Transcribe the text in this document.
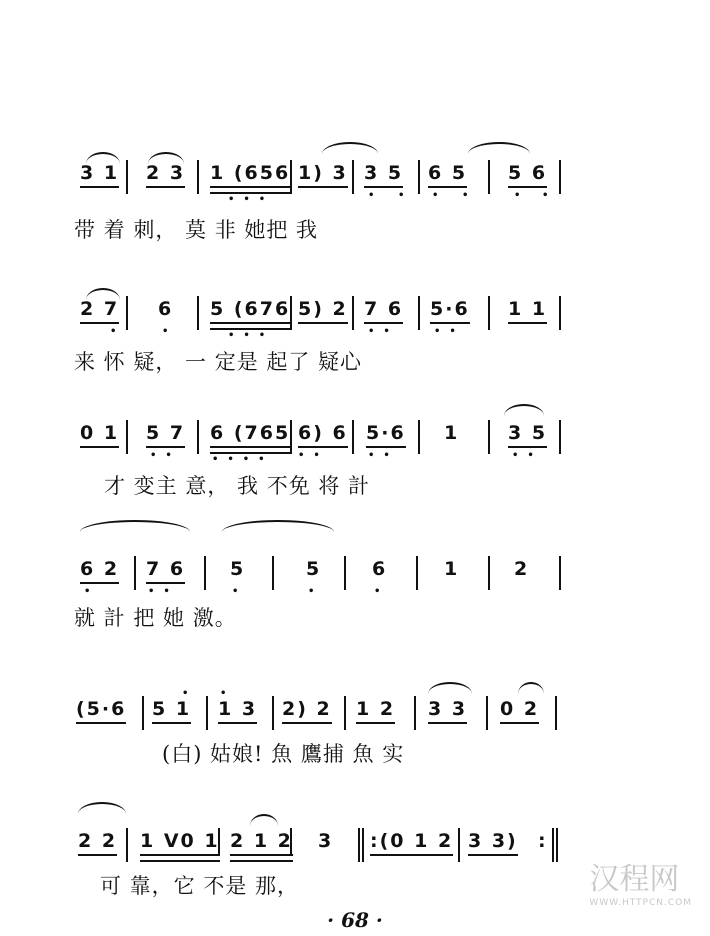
3 1 2 3 1 (656 1) 3 3 5 6 5 5 6
•••	• • • •	• •
带 着 刺， 莫 非 她把 我
2 7 6 5 (676 5) 2 7 6 5·6 1 1
•	•	•••	••	••
来 怀 疑， 一 定是 起了 疑心
0 1 5 7 6 (765 6) 6 5·6 1	3 5
••	•••• ••	••	••
才 变主 意， 我 不免 将 計
6 2 7 6 5	5	6	1	2
•	••	•	•	•
就 計 把 她 激。
(5·6 5 1 1 3 2) 2 1 2 3 3 0 2
•
•
(白) 姑娘! 魚 鷹捕 魚 实
2 2 1 ᐯ0 1 2 1 2 3 :(0 1 2 3 3) :
可 靠，它 不是 那，
· 68 ·
汉程网
WWW.HTTPCN.COM
